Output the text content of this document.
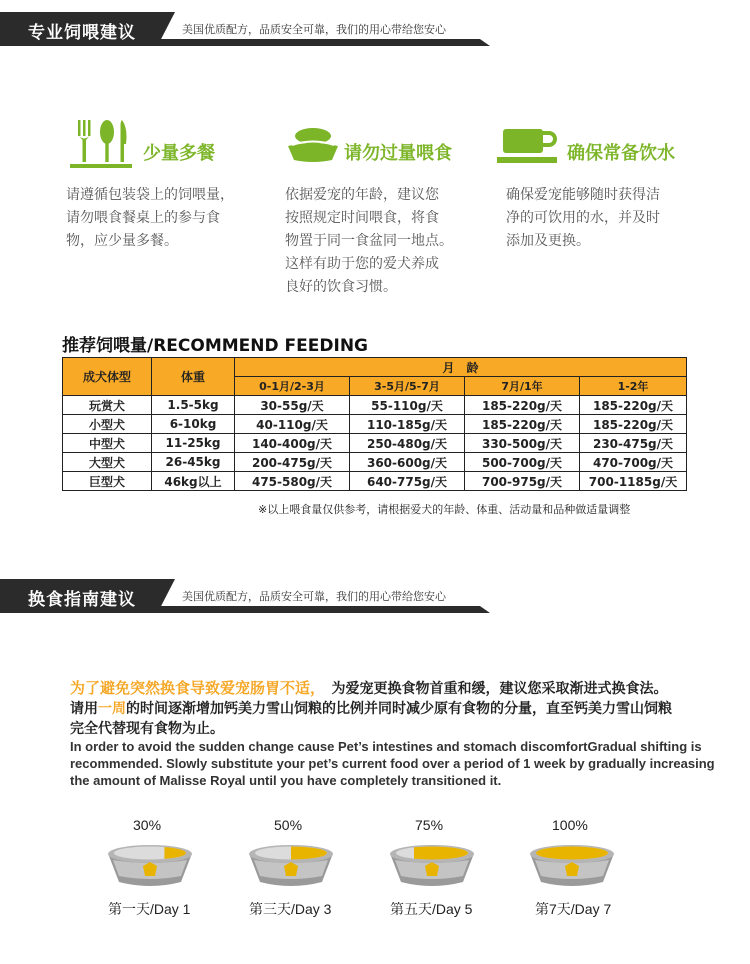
专业饲喂建议	美国优质配方，品质安全可靠，我们的用心带给您安心
少量多餐
请遵循包装袋上的饲喂量，
请勿喂食餐桌上的参与食
物，应少量多餐。
请勿过量喂食
依据爱宠的年龄，建议您
按照规定时间喂食，将食
物置于同一食盆同一地点。
这样有助于您的爱犬养成
良好的饮食习惯。
确保常备饮水
确保爱宠能够随时获得洁
净的可饮用的水，并及时
添加及更换。
推荐饲喂量/RECOMMEND FEEDING
成犬体型	体重	月　龄			
		0-1月/2-3月	3-5月/5-7月	7月/1年	1-2年
玩赏犬	1.5-5kg	30-55g/天	55-110g/天	185-220g/天	185-220g/天
小型犬	6-10kg	40-110g/天	110-185g/天	185-220g/天	185-220g/天
中型犬	11-25kg	140-400g/天	250-480g/天	330-500g/天	230-475g/天
大型犬	26-45kg	200-475g/天	360-600g/天	500-700g/天	470-700g/天
巨型犬	46kg以上	475-580g/天	640-775g/天	700-975g/天	700-1185g/天
※以上喂食量仅供参考，请根据爱犬的年龄、体重、活动量和品种做适量调整
换食指南建议	美国优质配方，品质安全可靠，我们的用心带给您安心
为了避免突然换食导致爱宠肠胃不适，　为爱宠更换食物首重和缓，建议您采取渐进式换食法。
请用一周的时间逐渐增加钙美力雪山饲粮的比例并同时减少原有食物的分量，直至钙美力雪山饲粮
完全代替现有食物为止。
In order to avoid the sudden change cause Pet’s intestines and stomach discomfortGradual shifting is
recommended. Slowly substitute your pet’s current food over a period of 1 week by gradually increasing
the amount of Malisse Royal until you have completely transitioned it.
30%	50%	75%	100%
第一天/Day 1	第三天/Day 3	第五天/Day 5	第7天/Day 7
